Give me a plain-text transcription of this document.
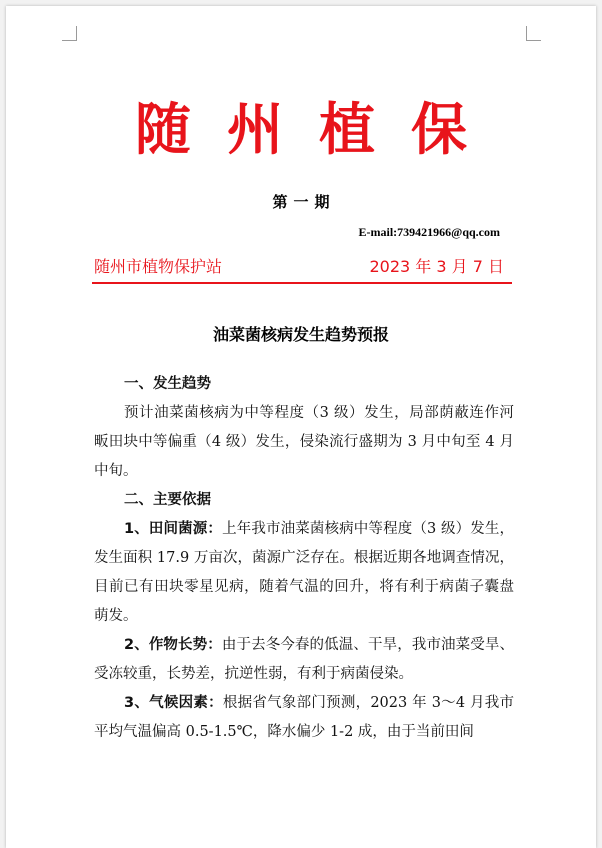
随州植保
第一期
E-mail:739421966@qq.com
随州市植物保护站	2023 年 3 月 7 日
油菜菌核病发生趋势预报

一、发生趋势

预计油菜菌核病为中等程度（3 级）发生，局部荫蔽连作河畈田块中等偏重（4 级）发生，侵染流行盛期为 3 月中旬至 4 月中旬。

二、主要依据

1、田间菌源：上年我市油菜菌核病中等程度（3 级）发生，发生面积 17.9 万亩次，菌源广泛存在。根据近期各地调查情况，目前已有田块零星见病，随着气温的回升，将有利于病菌子囊盘萌发。

2、作物长势：由于去冬今春的低温、干旱，我市油菜受旱、受冻较重，长势差，抗逆性弱，有利于病菌侵染。

3、气候因素：根据省气象部门预测，2023 年 3～4 月我市平均气温偏高 0.5-1.5℃，降水偏少 1-2 成，由于当前田间
